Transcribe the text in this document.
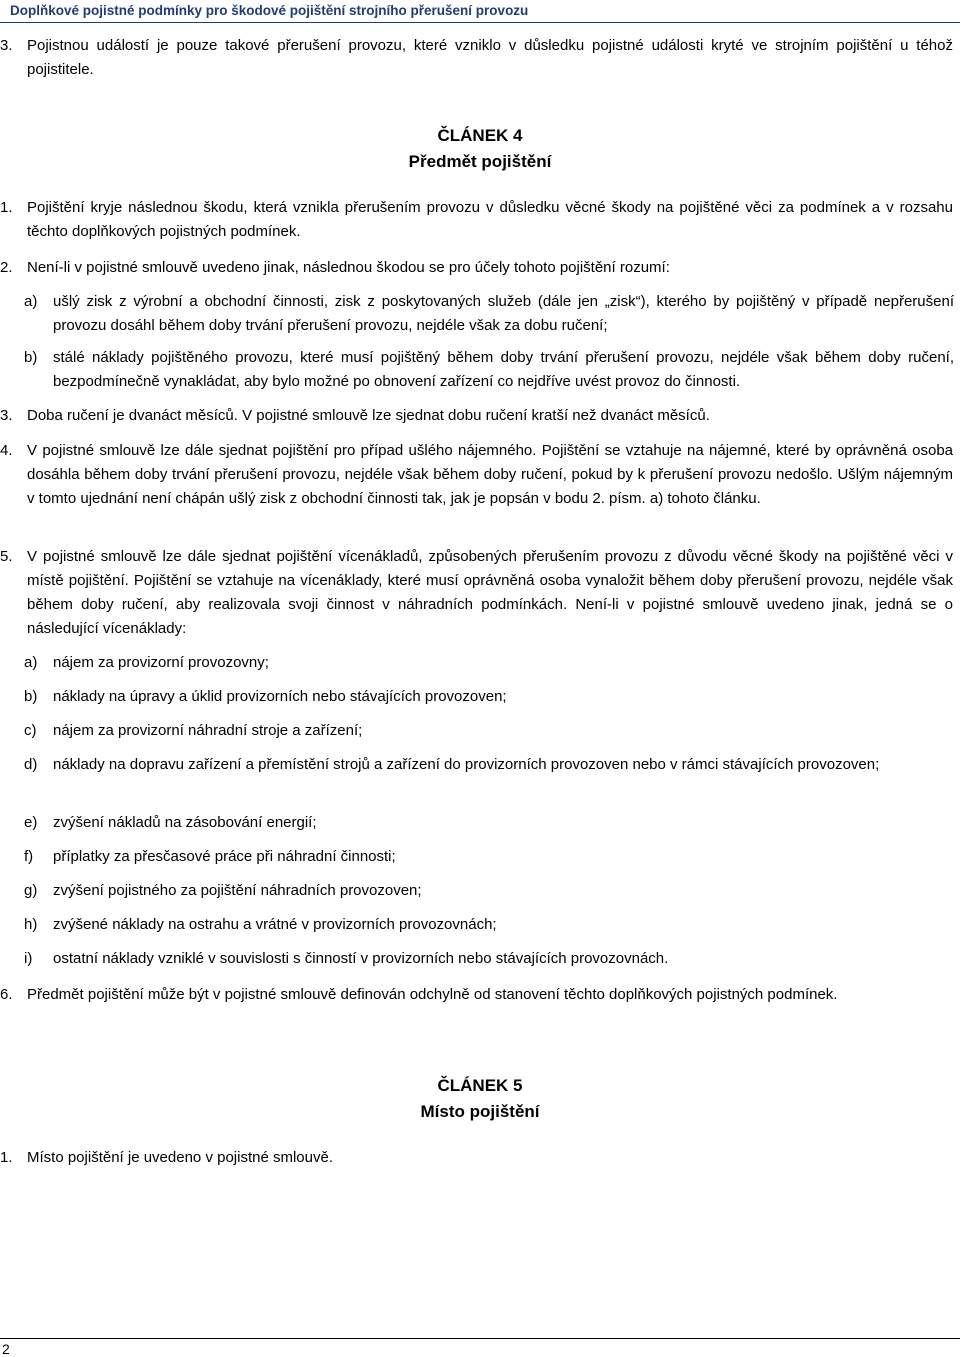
Doplňkové pojistné podmínky pro škodové pojištění strojního přerušení provozu
3. Pojistnou událostí je pouze takové přerušení provozu, které vzniklo v důsledku pojistné události kryté ve strojním pojištění u téhož pojistitele.
ČLÁNEK 4
Předmět pojištění
1. Pojištění kryje následnou škodu, která vznikla přerušením provozu v důsledku věcné škody na pojištěné věci za podmínek a v rozsahu těchto doplňkových pojistných podmínek.
2. Není-li v pojistné smlouvě uvedeno jinak, následnou škodou se pro účely tohoto pojištění rozumí:
a) ušlý zisk z výrobní a obchodní činnosti, zisk z poskytovaných služeb (dále jen „zisk“), kterého by pojištěný v případě nepřerušení provozu dosáhl během doby trvání přerušení provozu, nejdéle však za dobu ručení;
b) stálé náklady pojištěného provozu, které musí pojištěný během doby trvání přerušení provozu, nejdéle však během doby ručení, bezpodmínečně vynakládat, aby bylo možné po obnovení zařízení co nejdříve uvést provoz do činnosti.
3. Doba ručení je dvanáct měsíců. V pojistné smlouvě lze sjednat dobu ručení kratší než dvanáct měsíců.
4. V pojistné smlouvě lze dále sjednat pojištění pro případ ušlého nájemného. Pojištění se vztahuje na nájemné, které by oprávněná osoba dosáhla během doby trvání přerušení provozu, nejdéle však během doby ručení, pokud by k přerušení provozu nedošlo. Ušlým nájemným v tomto ujednání není chápán ušlý zisk z obchodní činnosti tak, jak je popsán v bodu 2. písm. a) tohoto článku.
5. V pojistné smlouvě lze dále sjednat pojištění vícenákladů, způsobených přerušením provozu z důvodu věcné škody na pojištěné věci v místě pojištění. Pojištění se vztahuje na vícenáklady, které musí oprávněná osoba vynaložit během doby přerušení provozu, nejdéle však během doby ručení, aby realizovala svoji činnost v náhradních podmínkách. Není-li v pojistné smlouvě uvedeno jinak, jedná se o následující vícenáklady:
a) nájem za provizorní provozovny;
b) náklady na úpravy a úklid provizorních nebo stávajících provozoven;
c) nájem za provizorní náhradní stroje a zařízení;
d) náklady na dopravu zařízení a přemístění strojů a zařízení do provizorních provozoven nebo v rámci stávajících provozoven;
e) zvýšení nákladů na zásobování energií;
f) příplatky za přesčasové práce při náhradní činnosti;
g) zvýšení pojistného za pojištění náhradních provozoven;
h) zvýšené náklady na ostrahu a vrátné v provizorních provozovnách;
i) ostatní náklady vzniklé v souvislosti s činností v provizorních nebo stávajících provozovnách.
6. Předmět pojištění může být v pojistné smlouvě definován odchylně od stanovení těchto doplňkových pojistných podmínek.
ČLÁNEK 5
Místo pojištění
1. Místo pojištění je uvedeno v pojistné smlouvě.
2
